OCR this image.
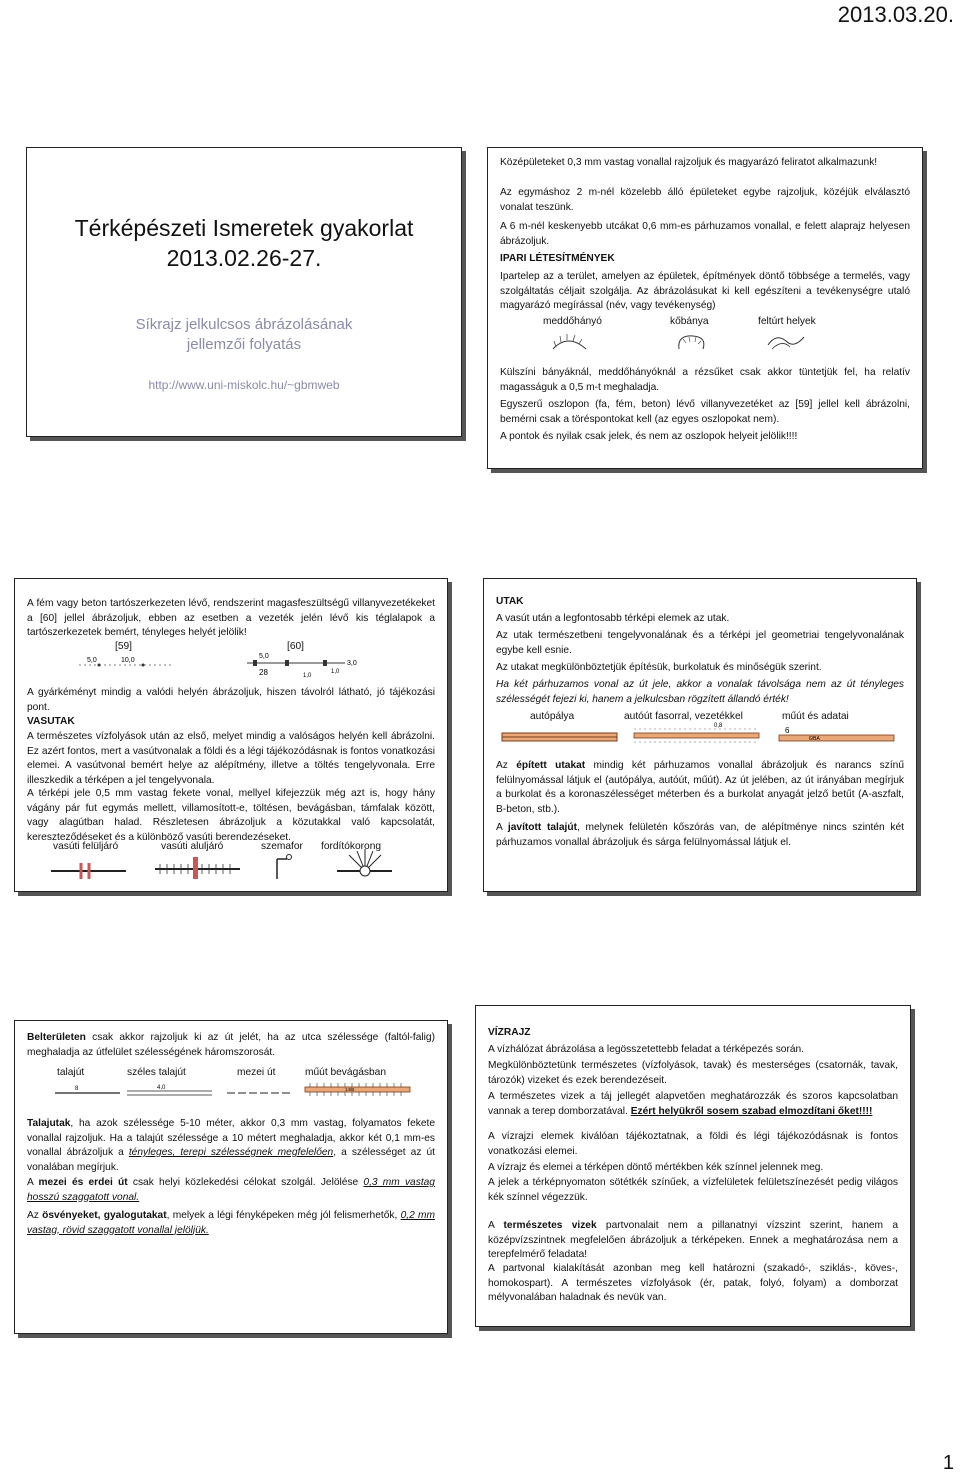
2013.03.20.
Térképészeti Ismeretek gyakorlat
2013.02.26-27.
Síkrajz jelkulcsos ábrázolásának
jellemzői folyatás
http://www.uni-miskolc.hu/~gbmweb
Középületeket 0,3 mm vastag vonallal rajzoljuk és magyarázó feliratot alkalmazunk!
Az egymáshoz 2 m-nél közelebb álló épületeket egybe rajzoljuk, közéjük elválasztó vonalat teszünk.
A 6 m-nél keskenyebb utcákat 0,6 mm-es párhuzamos vonallal, e felett alaprajz helyesen ábrázoljuk.
IPARI LÉTESÍTMÉNYEK
Ipartelep az a terület, amelyen az épületek, építmények döntő többsége a termelés, vagy szolgáltatás céljait szolgálja. Az ábrázolásukat ki kell egészíteni a tevékenységre utaló magyarázó megírással (név, vagy tevékenység)
meddőhányó	kőbánya	feltúrt helyek
Külszíni bányáknál, meddőhányóknál a rézsűket csak akkor tüntetjük fel, ha relatív magasságuk a 0,5 m-t meghaladja.
Egyszerű oszlopon (fa, fém, beton) lévő villanyvezetéket az [59] jellel kell ábrázolni, bemérni csak a töréspontokat kell (az egyes oszlopokat nem).
A pontok és nyilak csak jelek, és nem az oszlopok helyeit jelölik!!!!
A fém vagy beton tartószerkezeten lévő, rendszerint magasfeszültségű villanyvezetékeket a [60] jellel ábrázoljuk, ebben az esetben a vezeték jelén lévő kis téglalapok a tartószerkezetek bemért, tényleges helyét jelölik!
[59]	[60]
5,0	10,0
5,0
28	1,0
1,0
3,0
A gyárkéményt mindig a valódi helyén ábrázoljuk, hiszen távolról látható, jó tájékozási pont.
VASUTAK
A természetes vízfolyások után az első, melyet mindig a valóságos helyén kell ábrázolni. Ez azért fontos, mert a vasútvonalak a földi és a légi tájékozódásnak is fontos vonatkozási elemei. A vasútvonal bemért helye az alépítmény, illetve a töltés tengelyvonala. Erre illeszkedik a térképen a jel tengelyvonala.
A térképi jele 0,5 mm vastag fekete vonal, mellyel kifejezzük még azt is, hogy hány vágány pár fut egymás mellett, villamosított-e, töltésen, bevágásban, támfalak között, vagy alagútban halad. Részletesen ábrázoljuk a közutakkal való kapcsolatát, kereszteződéseket és a különböző vasúti berendezéseket.
vasúti felüljáró	vasúti aluljáró	szemafor fordítókorong
UTAK
A vasút után a legfontosabb térképi elemek az utak.
Az utak természetbeni tengelyvonalának és a térképi jel geometriai tengelyvonalának egybe kell esnie.
Az utakat megkülönböztetjük építésük, burkolatuk és minőségük szerint.
Ha két párhuzamos vonal az út jele, akkor a vonalak távolsága nem az út tényleges szélességét fejezi ki, hanem a jelkulcsban rögzített állandó érték!
autópálya	autóút fasorral, vezetékkel	műút és adatai
0,8	6
6/BA
Az épített utakat mindig két párhuzamos vonallal ábrázoljuk és narancs színű felülnyomással látjuk el (autópálya, autóút, műút). Az út jelében, az út irányában megírjuk a burkolat és a koronaszélességet méterben és a burkolat anyagát jelző betűt (A-aszfalt, B-beton, stb.).
A javított talajút, melynek felületén kőszórás van, de alépítménye nincs szintén két párhuzamos vonallal ábrázoljuk és sárga felülnyomással látjuk el.
Belterületen csak akkor rajzoljuk ki az út jelét, ha az utca szélessége (faltól-falig) meghaladja az útfelület szélességének háromszorosát.
talajút	széles talajút	mezei út	műút bevágásban
8	4,0	14/B
Talajutak, ha azok szélessége 5-10 méter, akkor 0,3 mm vastag, folyamatos fekete vonallal rajzoljuk. Ha a talajút szélessége a 10 métert meghaladja, akkor két 0,1 mm-es vonallal ábrázoljuk a tényleges, terepi szélességnek megfelelően, a szélességet az út vonalában megírjuk.
A mezei és erdei út csak helyi közlekedési célokat szolgál. Jelölése 0,3 mm vastag hosszú szaggatott vonal.
Az ösvényeket, gyalogutakat, melyek a légi fényképeken még jól felismerhetők, 0,2 mm vastag, rövid szaggatott vonallal jelöljük.
VÍZRAJZ
A vízhálózat ábrázolása a legösszetettebb feladat a térképezés során.
Megkülönböztetünk természetes (vízfolyások, tavak) és mesterséges (csatornák, tavak, tározók) vizeket és ezek berendezéseit.
A természetes vizek a táj jellegét alapvetően meghatározzák és szoros kapcsolatban vannak a terep domborzatával. Ezért helyükről sosem szabad elmozdítani őket!!!!
A vízrajzi elemek kiválóan tájékoztatnak, a földi és légi tájékozódásnak is fontos vonatkozási elemei.
A vízrajz és elemei a térképen döntő mértékben kék színnel jelennek meg.
A jelek a térképnyomaton sötétkék színűek, a vízfelületek felületszínezését pedig világos kék színnel végezzük.
A természetes vizek partvonalait nem a pillanatnyi vízszint szerint, hanem a középvízszintnek megfelelően ábrázoljuk a térképeken. Ennek a meghatározása nem a terepfelmérő feladata!
A partvonal kialakítását azonban meg kell határozni (szakadó-, sziklás-, köves-, homokospart). A természetes vízfolyások (ér, patak, folyó, folyam) a domborzat mélyvonalában haladnak és nevük van.
1
